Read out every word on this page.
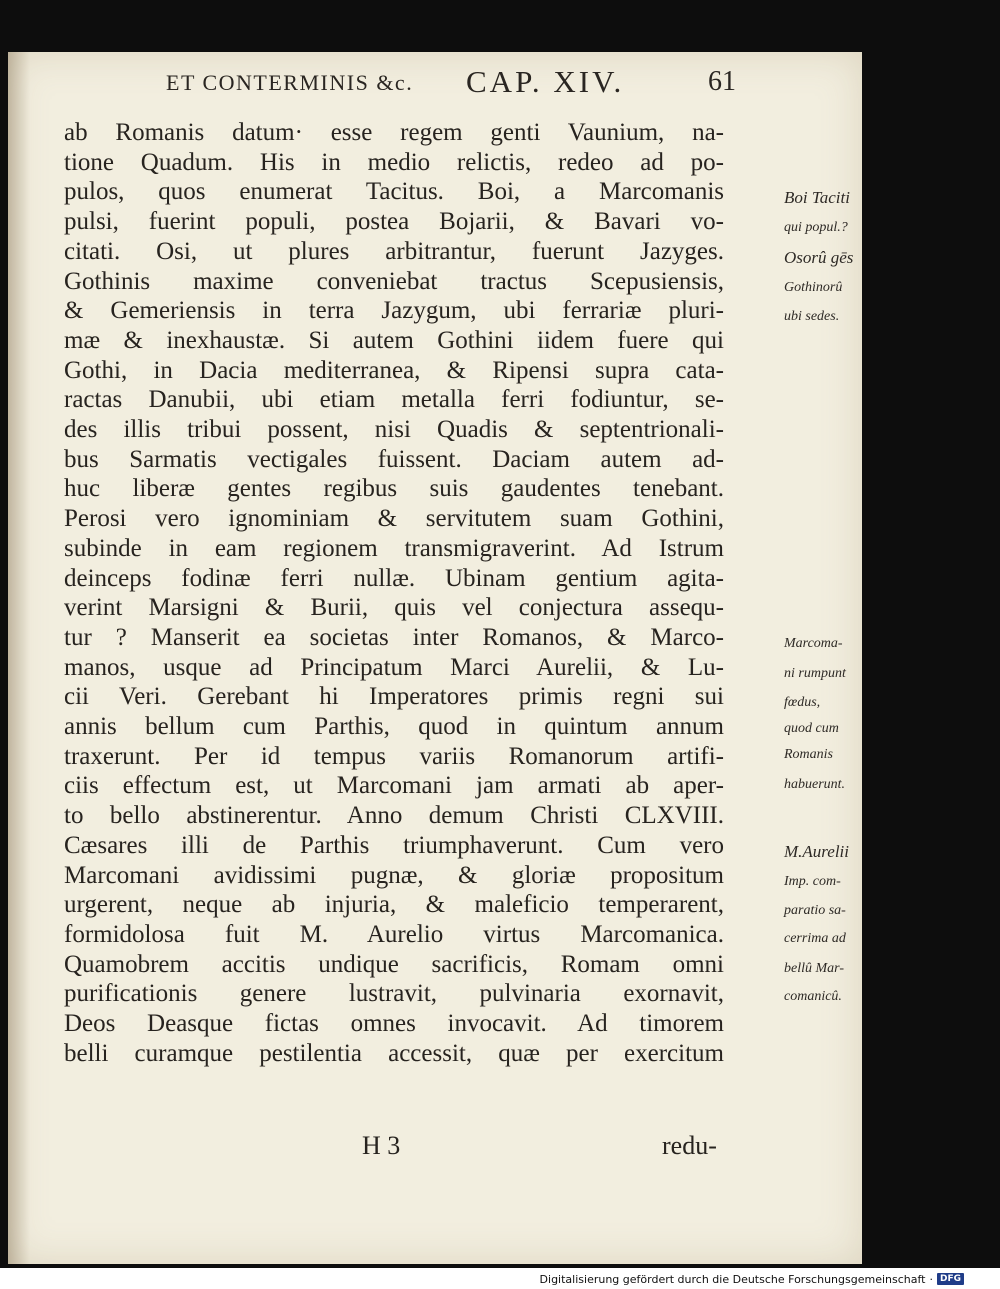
ET CONTERMINIS &c. CAP. XIV.	61
ab Romanis datum· esse regem genti Vaunium, na-
tione Quadum. His in medio relictis, redeo ad po-
pulos, quos enumerat Tacitus. Boi, a Marcomanis
pulsi, fuerint populi, postea Bojarii, & Bavari vo-
citati. Osi, ut plures arbitrantur, fuerunt Jazyges.
Gothinis maxime conveniebat tractus Scepusiensis,
& Gemeriensis in terra Jazygum, ubi ferrariæ pluri-
mæ & inexhaustæ. Si autem Gothini iidem fuere qui
Gothi, in Dacia mediterranea, & Ripensi supra cata-
ractas Danubii, ubi etiam metalla ferri fodiuntur, se-
des illis tribui possent, nisi Quadis & septentrionali-
bus Sarmatis vectigales fuissent. Daciam autem ad-
huc liberæ gentes regibus suis gaudentes tenebant.
Perosi vero ignominiam & servitutem suam Gothini,
subinde in eam regionem transmigraverint. Ad Istrum
deinceps fodinæ ferri nullæ. Ubinam gentium agita-
verint Marsigni & Burii, quis vel conjectura assequ-
tur ? Manserit ea societas inter Romanos, & Marco-
manos, usque ad Principatum Marci Aurelii, & Lu-
cii Veri. Gerebant hi Imperatores primis regni sui
annis bellum cum Parthis, quod in quintum annum
traxerunt. Per id tempus variis Romanorum artifi-
ciis effectum est, ut Marcomani jam armati ab aper-
to bello abstinerentur. Anno demum Christi CLXVIII.
Cæsares illi de Parthis triumphaverunt. Cum vero
Marcomani avidissimi pugnæ, & gloriæ propositum
urgerent, neque ab injuria, & maleficio temperarent,
formidolosa fuit M. Aurelio virtus Marcomanica.
Quamobrem accitis undique sacrificis, Romam omni
purificationis genere lustravit, pulvinaria exornavit,
Deos Deasque fictas omnes invocavit. Ad timorem
belli curamque pestilentia accessit, quæ per exercitum
Boi Taciti
qui popul.?
Osorû gēs
Gothinorû
ubi sedes.
Marcoma-
ni rumpunt
fœdus,
quod cum
Romanis
habuerunt.
M.Aurelii
Imp. com-
paratio sa-
cerrima ad
bellû Mar-
comanicû.
H 3	redu-
Digitalisierung gefördert durch die Deutsche Forschungsgemeinschaft · DFG
